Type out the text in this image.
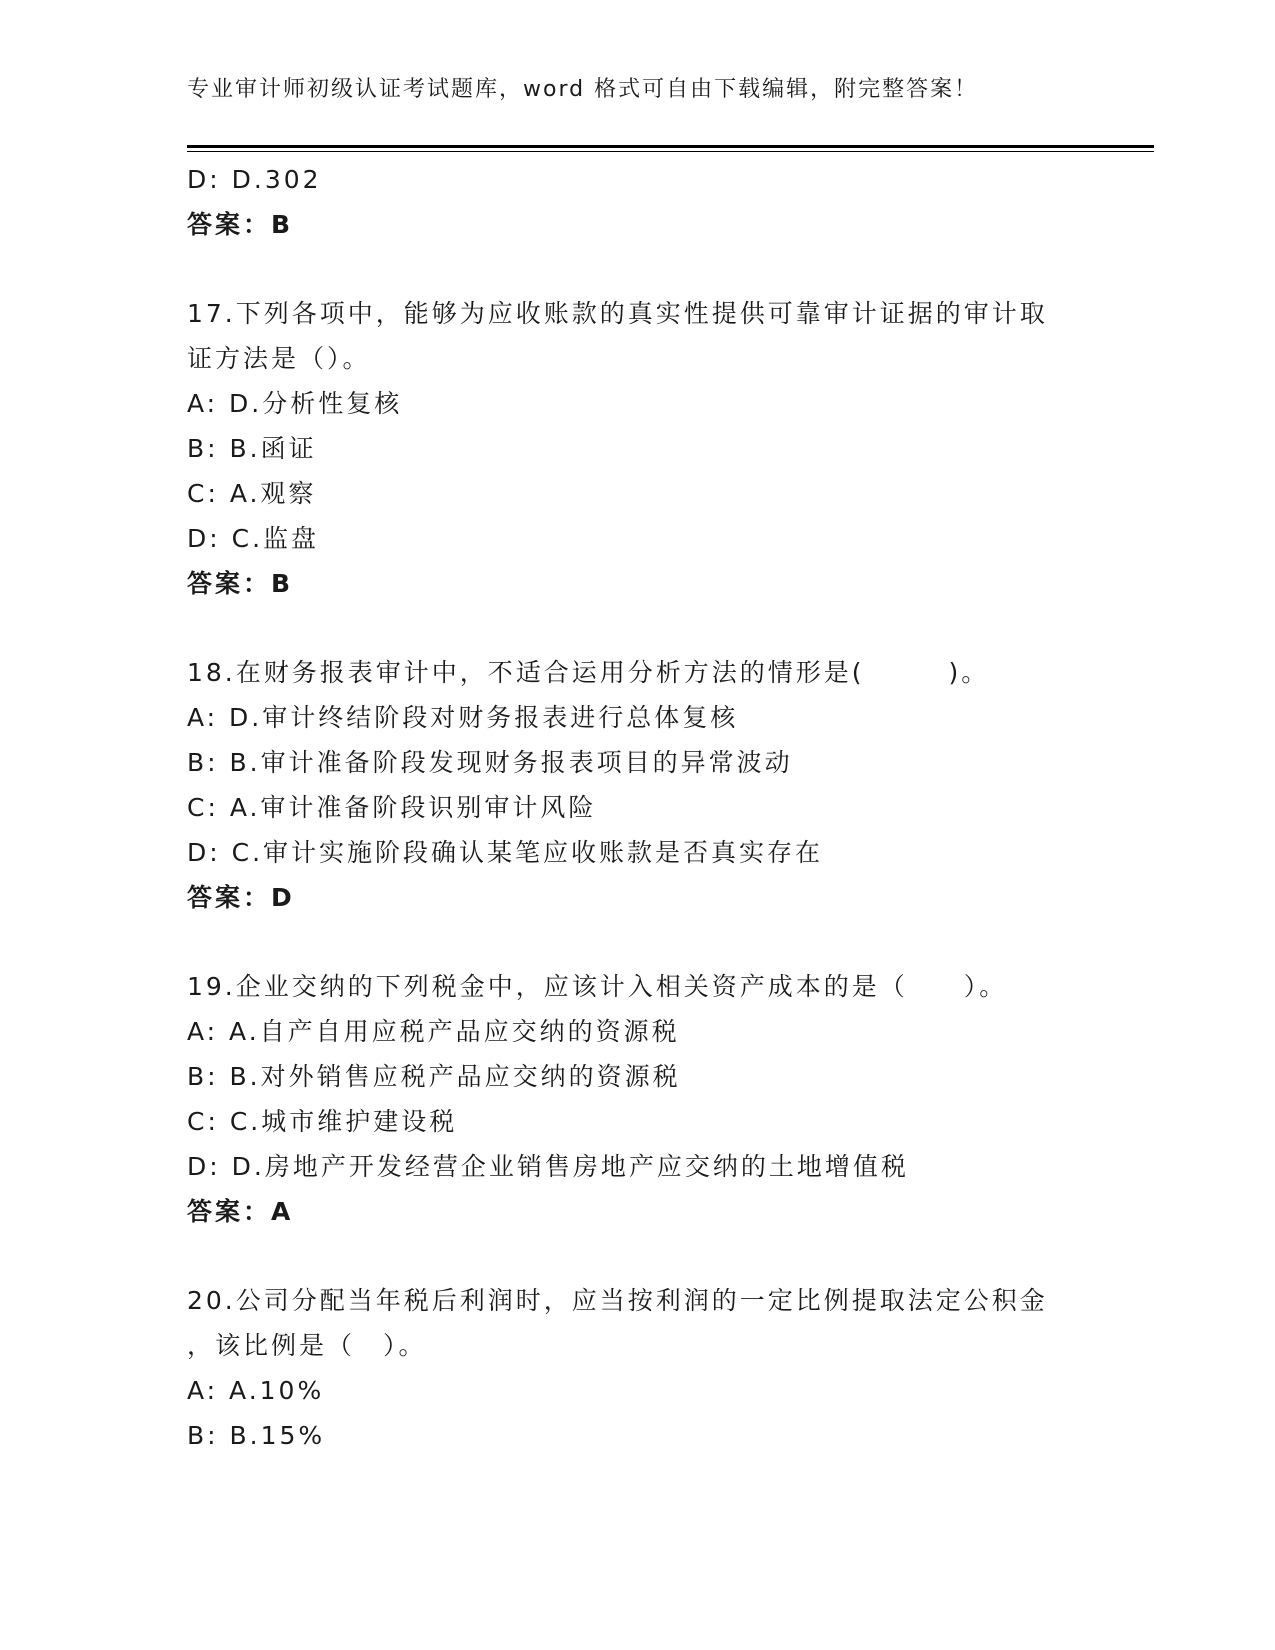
专业审计师初级认证考试题库，word 格式可自由下载编辑，附完整答案！
D: D.302
答案：B
17.下列各项中，能够为应收账款的真实性提供可靠审计证据的审计取
证方法是（）。
A: D.分析性复核
B: B.函证
C: A.观察
D: C.监盘
答案：B
18.在财务报表审计中，不适合运用分析方法的情形是(　　　)。
A: D.审计终结阶段对财务报表进行总体复核
B: B.审计准备阶段发现财务报表项目的异常波动
C: A.审计准备阶段识别审计风险
D: C.审计实施阶段确认某笔应收账款是否真实存在
答案：D
19.企业交纳的下列税金中，应该计入相关资产成本的是（　　）。
A: A.自产自用应税产品应交纳的资源税
B: B.对外销售应税产品应交纳的资源税
C: C.城市维护建设税
D: D.房地产开发经营企业销售房地产应交纳的土地增值税
答案：A
20.公司分配当年税后利润时，应当按利润的一定比例提取法定公积金
，该比例是（　）。
A: A.10%
B: B.15%
